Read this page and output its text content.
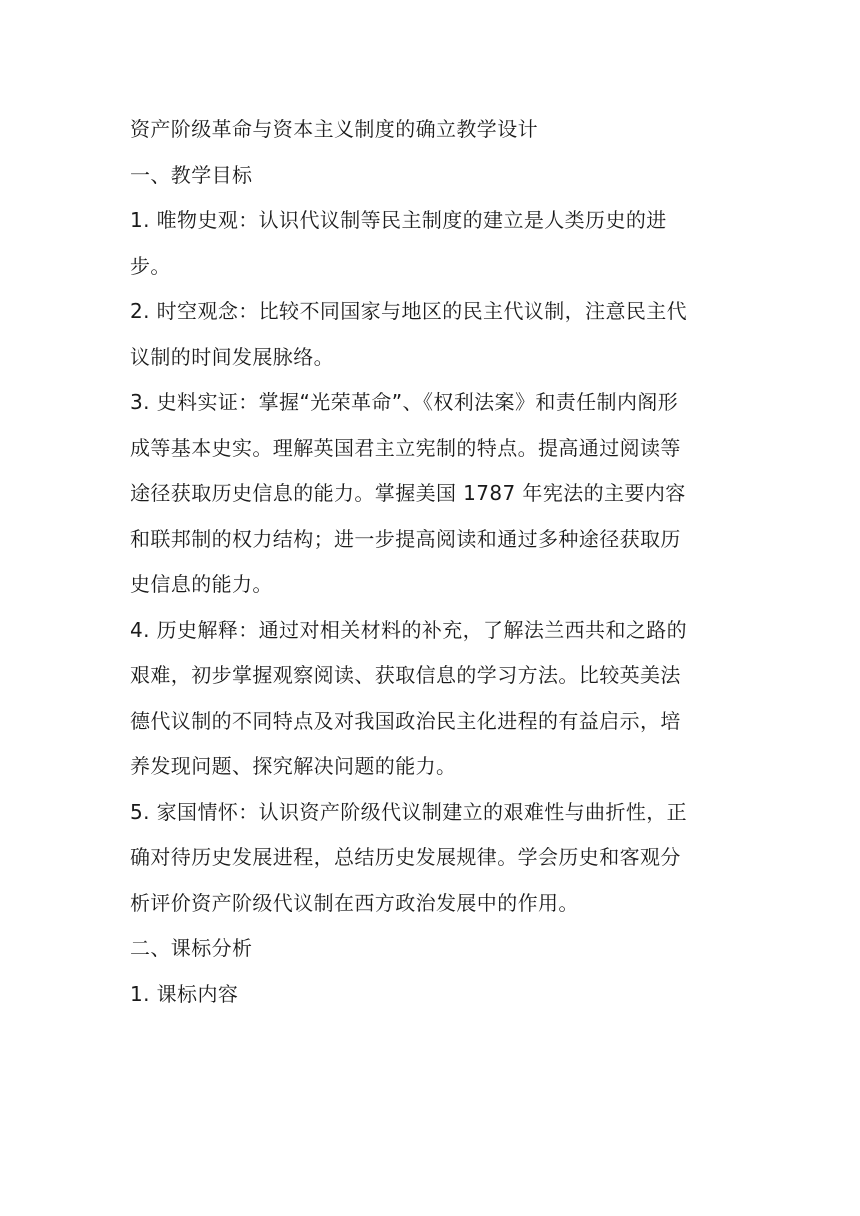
资产阶级革命与资本主义制度的确立教学设计
一、教学目标
1. 唯物史观：认识代议制等民主制度的建立是人类历史的进
步。
2. 时空观念：比较不同国家与地区的民主代议制，注意民主代
议制的时间发展脉络。
3. 史料实证：掌握“光荣革命”、《权利法案》和责任制内阁形
成等基本史实。理解英国君主立宪制的特点。提高通过阅读等
途径获取历史信息的能力。掌握美国 1787 年宪法的主要内容
和联邦制的权力结构；进一步提高阅读和通过多种途径获取历
史信息的能力。
4. 历史解释：通过对相关材料的补充，了解法兰西共和之路的
艰难，初步掌握观察阅读、获取信息的学习方法。比较英美法
德代议制的不同特点及对我国政治民主化进程的有益启示，培
养发现问题、探究解决问题的能力。
5. 家国情怀：认识资产阶级代议制建立的艰难性与曲折性，正
确对待历史发展进程，总结历史发展规律。学会历史和客观分
析评价资产阶级代议制在西方政治发展中的作用。
二、课标分析
1. 课标内容
